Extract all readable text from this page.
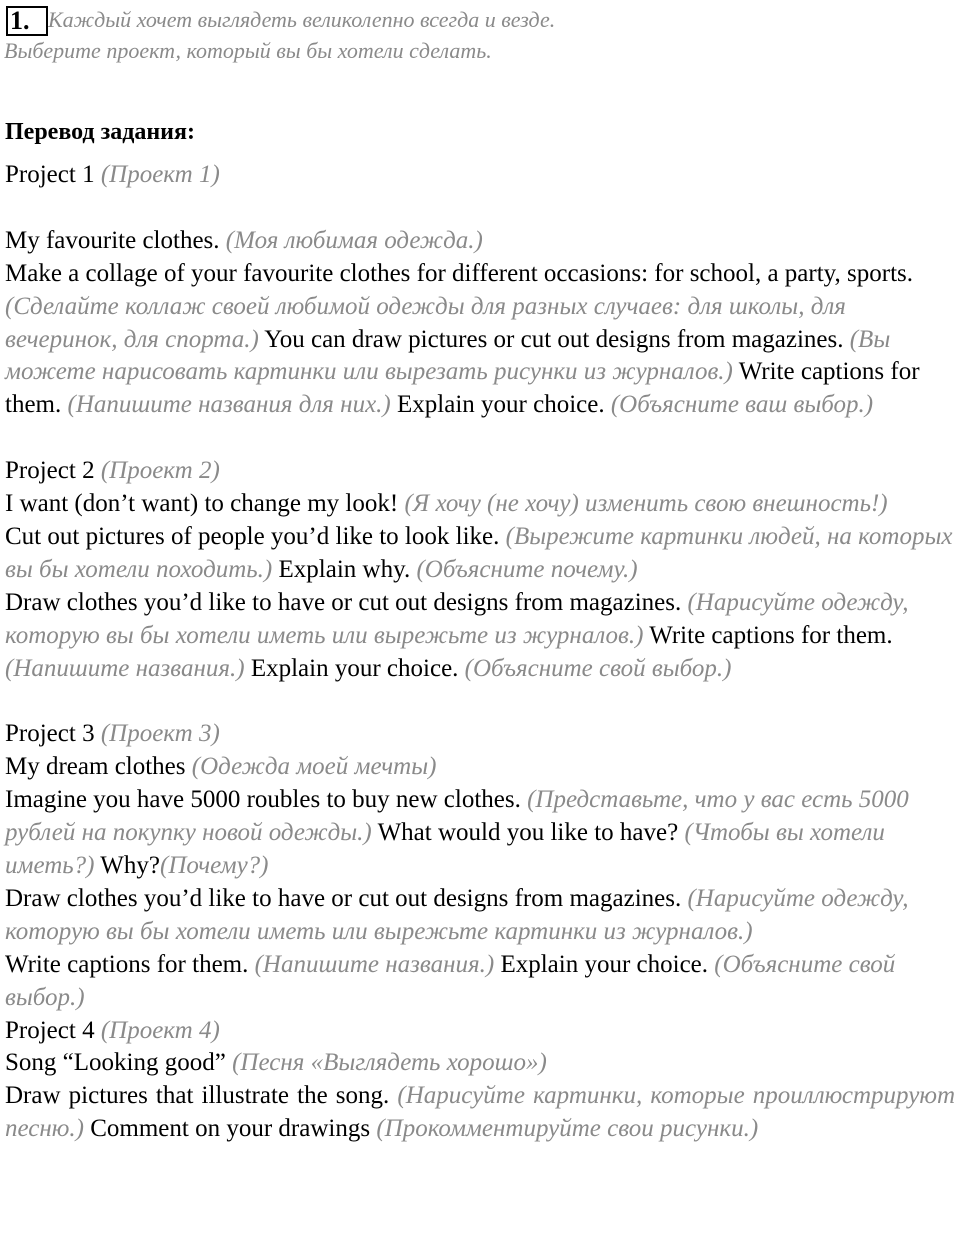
1. Каждый хочет выглядеть великолепно всегда и везде.
Выберите проект, который вы бы хотели сделать.
Перевод задания:

Project 1 (Проект 1)

My favourite clothes. (Моя любимая одежда.)

Make a collage of your favourite clothes for different occasions: for school, a party, sports. (Сделайте коллаж своей любимой одежды для разных случаев: для школы, для вечеринок, для спорта.) You can draw pictures or cut out designs from magazines. (Вы можете нарисовать картинки или вырезать рисунки из журналов.) Write captions for them. (Напишите названия для них.) Explain your choice. (Объясните ваш выбор.)

Project 2 (Проект 2)

I want (don’t want) to change my look! (Я хочу (не хочу) изменить свою внешность!)

Cut out pictures of people you’d like to look like. (Вырежите картинки людей, на которых вы бы хотели походить.) Explain why. (Объясните почему.)

Draw clothes you’d like to have or cut out designs from magazines. (Нарисуйте одежду, которую вы бы хотели иметь или вырежьте из журналов.) Write captions for them. (Напишите названия.) Explain your choice. (Объясните свой выбор.)

Project 3 (Проект 3)

My dream clothes (Одежда моей мечты)

Imagine you have 5000 roubles to buy new clothes. (Представьте, что у вас есть 5000 рублей на покупку новой одежды.) What would you like to have? (Чтобы вы хотели иметь?) Why?(Почему?)

Draw clothes you’d like to have or cut out designs from magazines. (Нарисуйте одежду, которую вы бы хотели иметь или вырежьте картинки из журналов.)

Write captions for them. (Напишите названия.) Explain your choice. (Объясните свой выбор.)

Project 4 (Проект 4)

Song “Looking good” (Песня «Выглядеть хорошо»)

Draw pictures that illustrate the song. (Нарисуйте картинки, которые проиллюстрируют песню.) Comment on your drawings (Прокомментируйте свои рисунки.)
